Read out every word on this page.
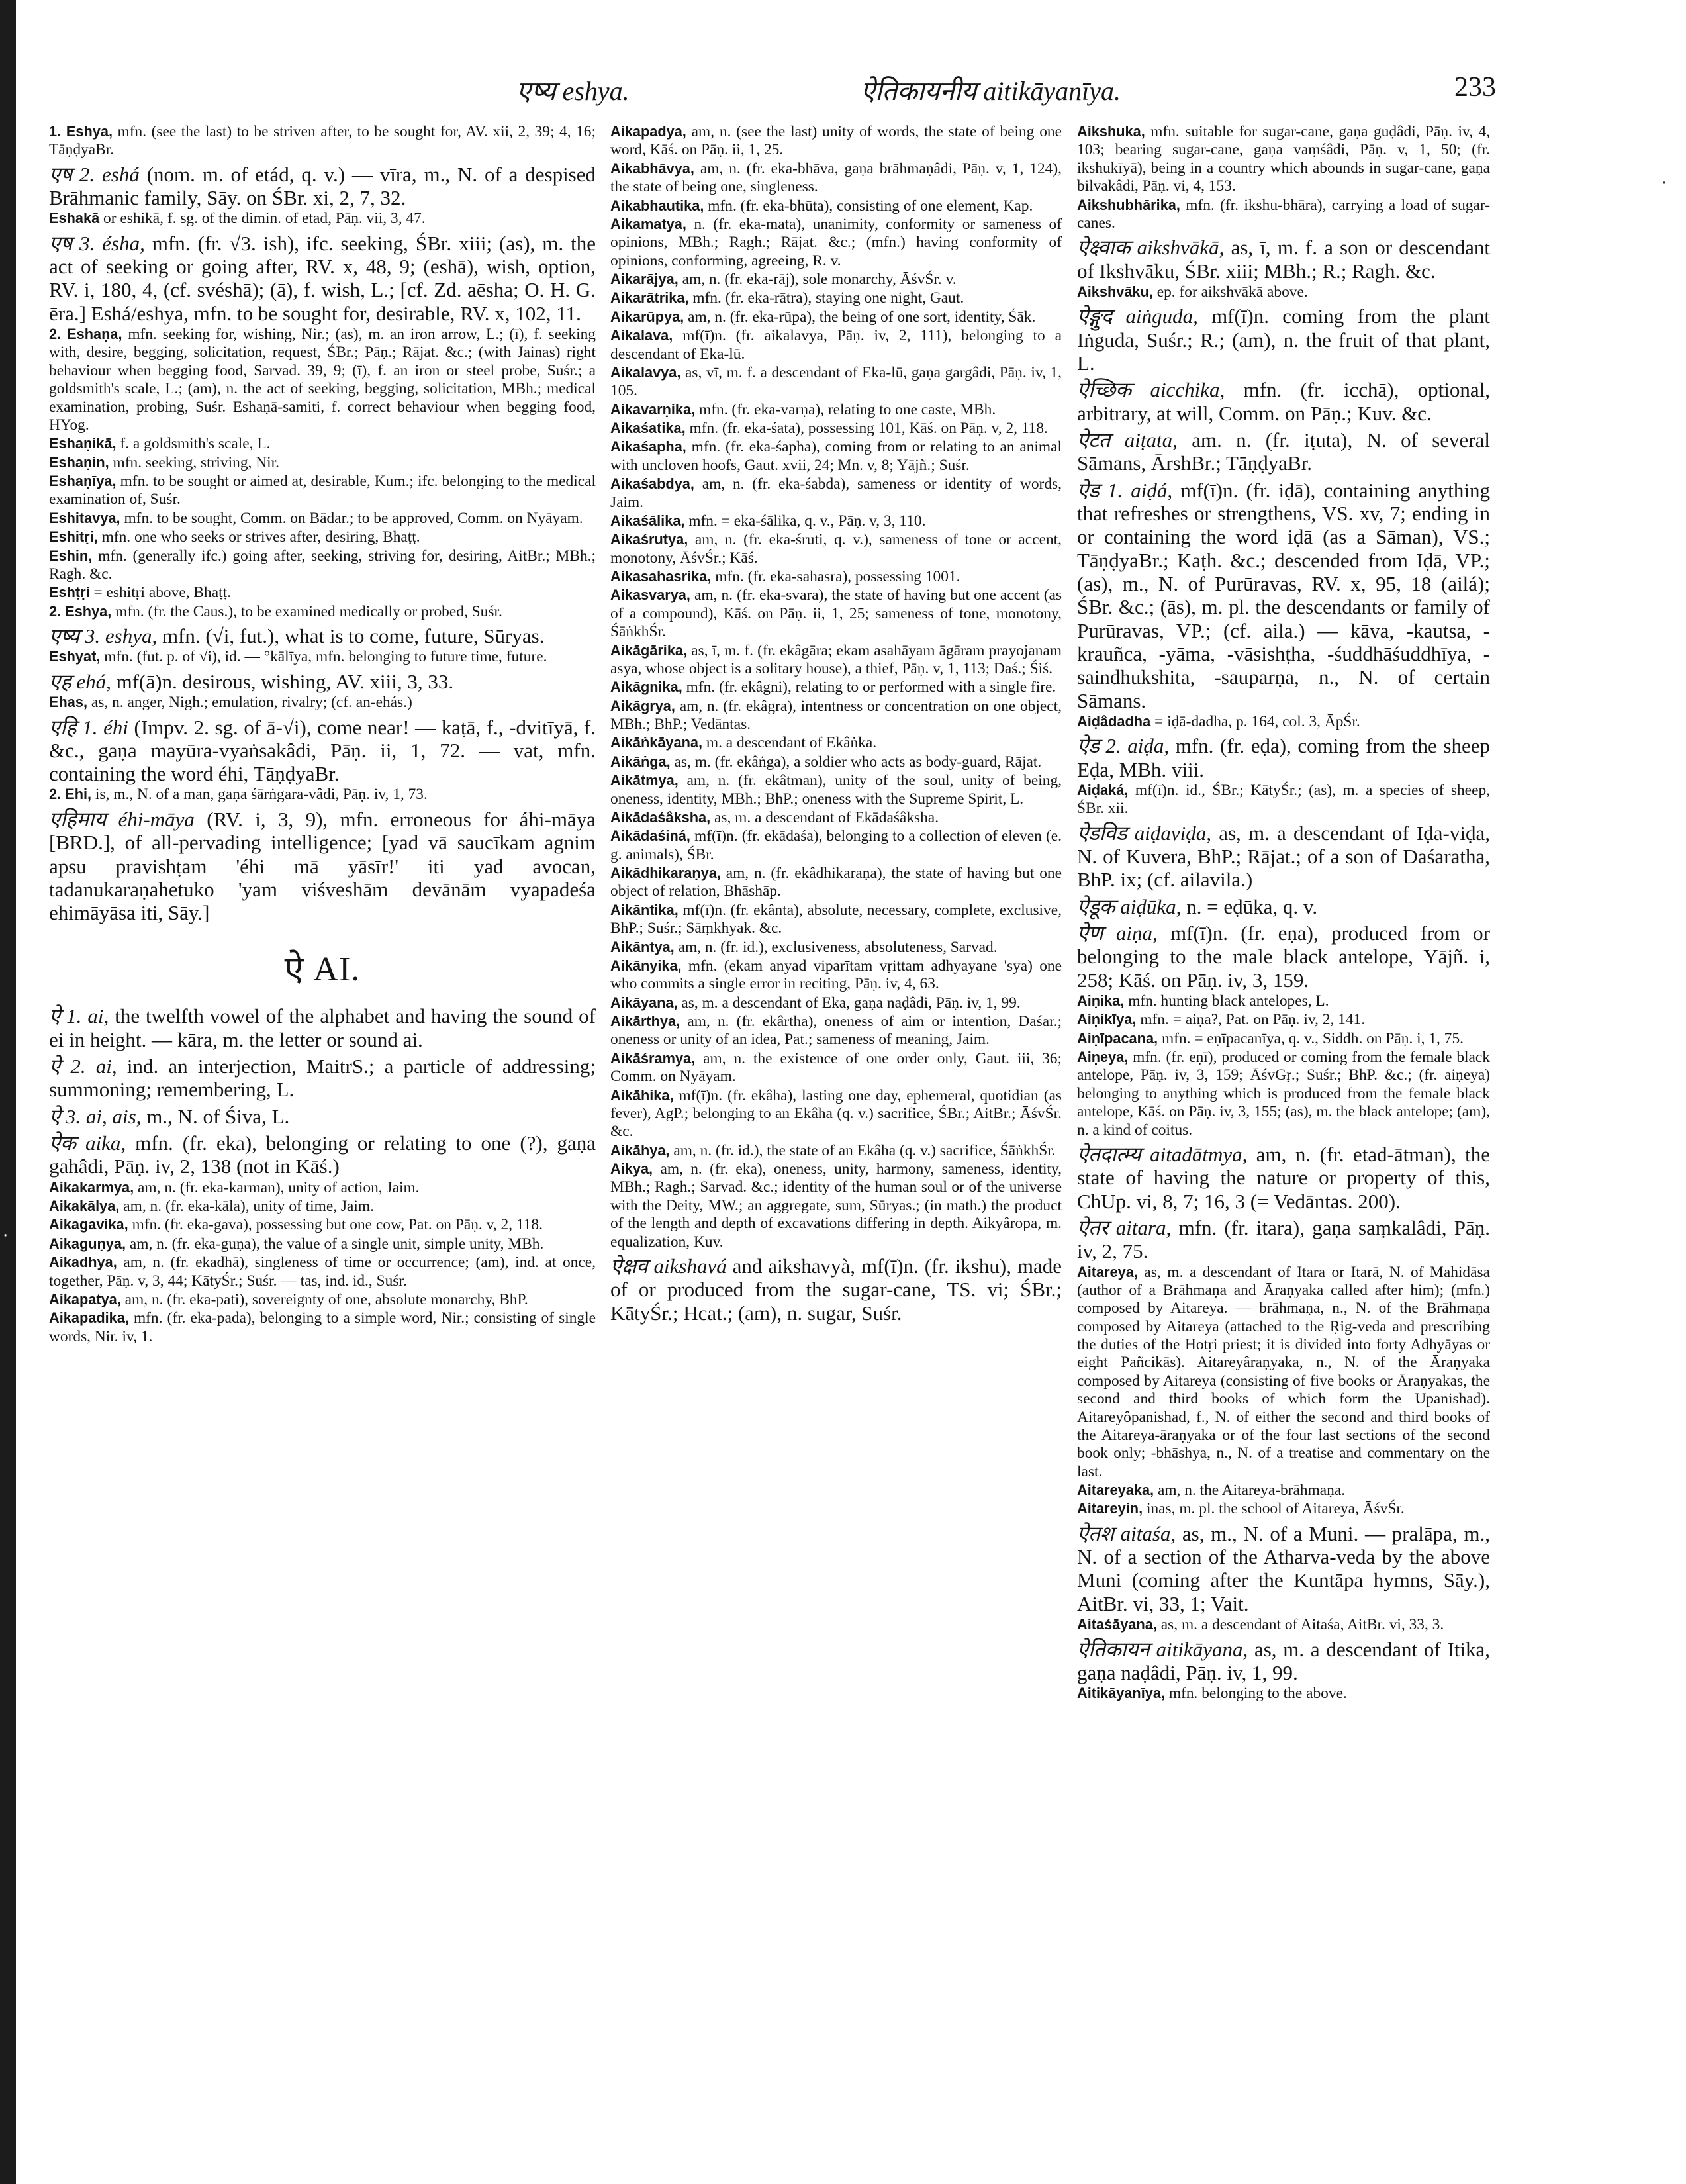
·
·
एष्य eshya.	ऐतिकायनीय aitikāyanīya.	233

1. Eshya, mfn. (see the last) to be striven after, to be sought for, AV. xii, 2, 39; 4, 16; TāṇḍyaBr.

एष 2. eshá (nom. m. of etád, q. v.) — vīra, m., N. of a despised Brāhmanic family, Sāy. on ŚBr. xi, 2, 7, 32.

Eshakā or eshikā, f. sg. of the dimin. of etad, Pāṇ. vii, 3, 47.

एष 3. ésha, mfn. (fr. √3. ish), ifc. seeking, ŚBr. xiii; (as), m. the act of seeking or going after, RV. x, 48, 9; (eshā), wish, option, RV. i, 180, 4, (cf. svéshā); (ā), f. wish, L.; [cf. Zd. aēsha; O. H. G. ēra.] Eshá/eshya, mfn. to be sought for, desirable, RV. x, 102, 11.

2. Eshaṇa, mfn. seeking for, wishing, Nir.; (as), m. an iron arrow, L.; (ī), f. seeking with, desire, begging, solicitation, request, ŚBr.; Pāṇ.; Rājat. &c.; (with Jainas) right behaviour when begging food, Sarvad. 39, 9; (ī), f. an iron or steel probe, Suśr.; a goldsmith's scale, L.; (am), n. the act of seeking, begging, solicitation, MBh.; medical examination, probing, Suśr. Eshaṇā-samiti, f. correct behaviour when begging food, HYog.

Eshaṇikā, f. a goldsmith's scale, L.

Eshaṇin, mfn. seeking, striving, Nir.

Eshaṇīya, mfn. to be sought or aimed at, desirable, Kum.; ifc. belonging to the medical examination of, Suśr.

Eshitavya, mfn. to be sought, Comm. on Bādar.; to be approved, Comm. on Nyāyam.

Eshitṛi, mfn. one who seeks or strives after, desiring, Bhaṭṭ.

Eshin, mfn. (generally ifc.) going after, seeking, striving for, desiring, AitBr.; MBh.; Ragh. &c.

Eshṭṛi = eshitṛi above, Bhaṭṭ.

2. Eshya, mfn. (fr. the Caus.), to be examined medically or probed, Suśr.

एष्य 3. eshya, mfn. (√i, fut.), what is to come, future, Sūryas.

Eshyat, mfn. (fut. p. of √i), id. — °kālīya, mfn. belonging to future time, future.

एह ehá, mf(ā)n. desirous, wishing, AV. xiii, 3, 33.

Ehas, as, n. anger, Nigh.; emulation, rivalry; (cf. an-ehás.)

एहि 1. éhi (Impv. 2. sg. of ā-√i), come near! — kaṭā, f., -dvitīyā, f. &c., gaṇa mayūra-vyaṅsakâdi, Pāṇ. ii, 1, 72. — vat, mfn. containing the word éhi, TāṇḍyaBr.

2. Ehi, is, m., N. of a man, gaṇa śārṅgara-vâdi, Pāṇ. iv, 1, 73.

एहिमाय éhi-māya (RV. i, 3, 9), mfn. erroneous for áhi-māya [BRD.], of all-pervading intelligence; [yad vā saucīkam agnim apsu pravishṭam 'éhi mā yāsīr!' iti yad avocan, tadanukaraṇahetuko 'yam viśveshām devānām vyapadeśa ehimāyāsa iti, Sāy.]

ऐ AI.

ऐ 1. ai, the twelfth vowel of the alphabet and having the sound of ei in height. — kāra, m. the letter or sound ai.

ऐ 2. ai, ind. an interjection, MaitrS.; a particle of addressing; summoning; remembering, L.

ऐ 3. ai, ais, m., N. of Śiva, L.

ऐक aika, mfn. (fr. eka), belonging or relating to one (?), gaṇa gahâdi, Pāṇ. iv, 2, 138 (not in Kāś.)

Aikakarmya, am, n. (fr. eka-karman), unity of action, Jaim.

Aikakālya, am, n. (fr. eka-kāla), unity of time, Jaim.

Aikagavika, mfn. (fr. eka-gava), possessing but one cow, Pat. on Pāṇ. v, 2, 118.

Aikaguṇya, am, n. (fr. eka-guṇa), the value of a single unit, simple unity, MBh.

Aikadhya, am, n. (fr. ekadhā), singleness of time or occurrence; (am), ind. at once, together, Pāṇ. v, 3, 44; KātyŚr.; Suśr. — tas, ind. id., Suśr.

Aikapatya, am, n. (fr. eka-pati), sovereignty of one, absolute monarchy, BhP.

Aikapadika, mfn. (fr. eka-pada), belonging to a simple word, Nir.; consisting of single words, Nir. iv, 1.

Aikapadya, am, n. (see the last) unity of words, the state of being one word, Kāś. on Pāṇ. ii, 1, 25.

Aikabhāvya, am, n. (fr. eka-bhāva, gaṇa brāhmaṇâdi, Pāṇ. v, 1, 124), the state of being one, singleness.

Aikabhautika, mfn. (fr. eka-bhūta), consisting of one element, Kap.

Aikamatya, n. (fr. eka-mata), unanimity, conformity or sameness of opinions, MBh.; Ragh.; Rājat. &c.; (mfn.) having conformity of opinions, conforming, agreeing, R. v.

Aikarājya, am, n. (fr. eka-rāj), sole monarchy, ĀśvŚr. v.

Aikarātrika, mfn. (fr. eka-rātra), staying one night, Gaut.

Aikarūpya, am, n. (fr. eka-rūpa), the being of one sort, identity, Śāk.

Aikalava, mf(ī)n. (fr. aikalavya, Pāṇ. iv, 2, 111), belonging to a descendant of Eka-lū.

Aikalavya, as, vī, m. f. a descendant of Eka-lū, gaṇa gargâdi, Pāṇ. iv, 1, 105.

Aikavarṇika, mfn. (fr. eka-varṇa), relating to one caste, MBh.

Aikaśatika, mfn. (fr. eka-śata), possessing 101, Kāś. on Pāṇ. v, 2, 118.

Aikaśapha, mfn. (fr. eka-śapha), coming from or relating to an animal with uncloven hoofs, Gaut. xvii, 24; Mn. v, 8; Yājñ.; Suśr.

Aikaśabdya, am, n. (fr. eka-śabda), sameness or identity of words, Jaim.

Aikaśālika, mfn. = eka-śālika, q. v., Pāṇ. v, 3, 110.

Aikaśrutya, am, n. (fr. eka-śruti, q. v.), sameness of tone or accent, monotony, ĀśvŚr.; Kāś.

Aikasahasrika, mfn. (fr. eka-sahasra), possessing 1001.

Aikasvarya, am, n. (fr. eka-svara), the state of having but one accent (as of a compound), Kāś. on Pāṇ. ii, 1, 25; sameness of tone, monotony, ŚāṅkhŚr.

Aikāgārika, as, ī, m. f. (fr. ekâgāra; ekam asahāyam āgāram prayojanam asya, whose object is a solitary house), a thief, Pāṇ. v, 1, 113; Daś.; Śiś.

Aikāgnika, mfn. (fr. ekâgni), relating to or performed with a single fire.

Aikāgrya, am, n. (fr. ekâgra), intentness or concentration on one object, MBh.; BhP.; Vedāntas.

Aikāṅkāyana, m. a descendant of Ekâṅka.

Aikāṅga, as, m. (fr. ekâṅga), a soldier who acts as body-guard, Rājat.

Aikātmya, am, n. (fr. ekâtman), unity of the soul, unity of being, oneness, identity, MBh.; BhP.; oneness with the Supreme Spirit, L.

Aikādaśâksha, as, m. a descendant of Ekādaśâksha.

Aikādaśiná, mf(ī)n. (fr. ekādaśa), belonging to a collection of eleven (e. g. animals), ŚBr.

Aikādhikaraṇya, am, n. (fr. ekâdhikaraṇa), the state of having but one object of relation, Bhāshāp.

Aikāntika, mf(ī)n. (fr. ekânta), absolute, necessary, complete, exclusive, BhP.; Suśr.; Sāṃkhyak. &c.

Aikāntya, am, n. (fr. id.), exclusiveness, absoluteness, Sarvad.

Aikānyika, mfn. (ekam anyad viparītam vṛittam adhyayane 'sya) one who commits a single error in reciting, Pāṇ. iv, 4, 63.

Aikāyana, as, m. a descendant of Eka, gaṇa naḍâdi, Pāṇ. iv, 1, 99.

Aikārthya, am, n. (fr. ekârtha), oneness of aim or intention, Daśar.; oneness or unity of an idea, Pat.; sameness of meaning, Jaim.

Aikāśramya, am, n. the existence of one order only, Gaut. iii, 36; Comm. on Nyāyam.

Aikāhika, mf(ī)n. (fr. ekâha), lasting one day, ephemeral, quotidian (as fever), AgP.; belonging to an Ekâha (q. v.) sacrifice, ŚBr.; AitBr.; ĀśvŚr. &c.

Aikāhya, am, n. (fr. id.), the state of an Ekâha (q. v.) sacrifice, ŚāṅkhŚr.

Aikya, am, n. (fr. eka), oneness, unity, harmony, sameness, identity, MBh.; Ragh.; Sarvad. &c.; identity of the human soul or of the universe with the Deity, MW.; an aggregate, sum, Sūryas.; (in math.) the product of the length and depth of excavations differing in depth. Aikyâropa, m. equalization, Kuv.

ऐक्षव aikshavá and aikshavyà, mf(ī)n. (fr. ikshu), made of or produced from the sugar-cane, TS. vi; ŚBr.; KātyŚr.; Hcat.; (am), n. sugar, Suśr.

Aikshuka, mfn. suitable for sugar-cane, gaṇa guḍâdi, Pāṇ. iv, 4, 103; bearing sugar-cane, gaṇa vaṃśâdi, Pāṇ. v, 1, 50; (fr. ikshukīyā), being in a country which abounds in sugar-cane, gaṇa bilvakâdi, Pāṇ. vi, 4, 153.

Aikshubhārika, mfn. (fr. ikshu-bhāra), carrying a load of sugar-canes.

ऐक्ष्वाक aikshvākā, as, ī, m. f. a son or descendant of Ikshvāku, ŚBr. xiii; MBh.; R.; Ragh. &c.

Aikshvāku, ep. for aikshvākā above.

ऐङ्गुद aiṅguda, mf(ī)n. coming from the plant Iṅguda, Suśr.; R.; (am), n. the fruit of that plant, L.

ऐच्छिक aicchika, mfn. (fr. icchā), optional, arbitrary, at will, Comm. on Pāṇ.; Kuv. &c.

ऐटत aiṭata, am. n. (fr. iṭuta), N. of several Sāmans, ĀrshBr.; TāṇḍyaBr.

ऐड 1. aiḍá, mf(ī)n. (fr. iḍā), containing anything that refreshes or strengthens, VS. xv, 7; ending in or containing the word iḍā (as a Sāman), VS.; TāṇḍyaBr.; Kaṭh. &c.; descended from Iḍā, VP.; (as), m., N. of Purūravas, RV. x, 95, 18 (ailá); ŚBr. &c.; (ās), m. pl. the descendants or family of Purūravas, VP.; (cf. aila.) — kāva, -kautsa, -krauñca, -yāma, -vāsishṭha, -śuddhāśuddhīya, -saindhukshita, -sauparṇa, n., N. of certain Sāmans.

Aiḍâdadha = iḍā-dadha, p. 164, col. 3, ĀpŚr.

ऐड 2. aiḍa, mfn. (fr. eḍa), coming from the sheep Eḍa, MBh. viii.

Aiḍaká, mf(ī)n. id., ŚBr.; KātyŚr.; (as), m. a species of sheep, ŚBr. xii.

ऐडविड aiḍaviḍa, as, m. a descendant of Iḍa-viḍa, N. of Kuvera, BhP.; Rājat.; of a son of Daśaratha, BhP. ix; (cf. ailavila.)

ऐडूक aiḍūka, n. = eḍūka, q. v.

ऐण aiṇa, mf(ī)n. (fr. eṇa), produced from or belonging to the male black antelope, Yājñ. i, 258; Kāś. on Pāṇ. iv, 3, 159.

Aiṇika, mfn. hunting black antelopes, L.

Aiṇikīya, mfn. = aiṇa?, Pat. on Pāṇ. iv, 2, 141.

Aiṇīpacana, mfn. = eṇīpacanīya, q. v., Siddh. on Pāṇ. i, 1, 75.

Aiṇeya, mfn. (fr. eṇī), produced or coming from the female black antelope, Pāṇ. iv, 3, 159; ĀśvGṛ.; Suśr.; BhP. &c.; (fr. aiṇeya) belonging to anything which is produced from the female black antelope, Kāś. on Pāṇ. iv, 3, 155; (as), m. the black antelope; (am), n. a kind of coitus.

ऐतदात्म्य aitadātmya, am, n. (fr. etad-ātman), the state of having the nature or property of this, ChUp. vi, 8, 7; 16, 3 (= Vedāntas. 200).

ऐतर aitara, mfn. (fr. itara), gaṇa saṃkalâdi, Pāṇ. iv, 2, 75.

Aitareya, as, m. a descendant of Itara or Itarā, N. of Mahidāsa (author of a Brāhmaṇa and Āraṇyaka called after him); (mfn.) composed by Aitareya. — brāhmaṇa, n., N. of the Brāhmaṇa composed by Aitareya (attached to the Ṛig-veda and prescribing the duties of the Hotṛi priest; it is divided into forty Adhyāyas or eight Pañcikās). Aitareyâraṇyaka, n., N. of the Āraṇyaka composed by Aitareya (consisting of five books or Āraṇyakas, the second and third books of which form the Upanishad). Aitareyôpanishad, f., N. of either the second and third books of the Aitareya-āraṇyaka or of the four last sections of the second book only; -bhāshya, n., N. of a treatise and commentary on the last.

Aitareyaka, am, n. the Aitareya-brāhmaṇa.

Aitareyin, inas, m. pl. the school of Aitareya, ĀśvŚr.

ऐतश aitaśa, as, m., N. of a Muni. — pralāpa, m., N. of a section of the Atharva-veda by the above Muni (coming after the Kuntāpa hymns, Sāy.), AitBr. vi, 33, 1; Vait.

Aitaśāyana, as, m. a descendant of Aitaśa, AitBr. vi, 33, 3.

ऐतिकायन aitikāyana, as, m. a descendant of Itika, gaṇa naḍâdi, Pāṇ. iv, 1, 99.

Aitikāyanīya, mfn. belonging to the above.
